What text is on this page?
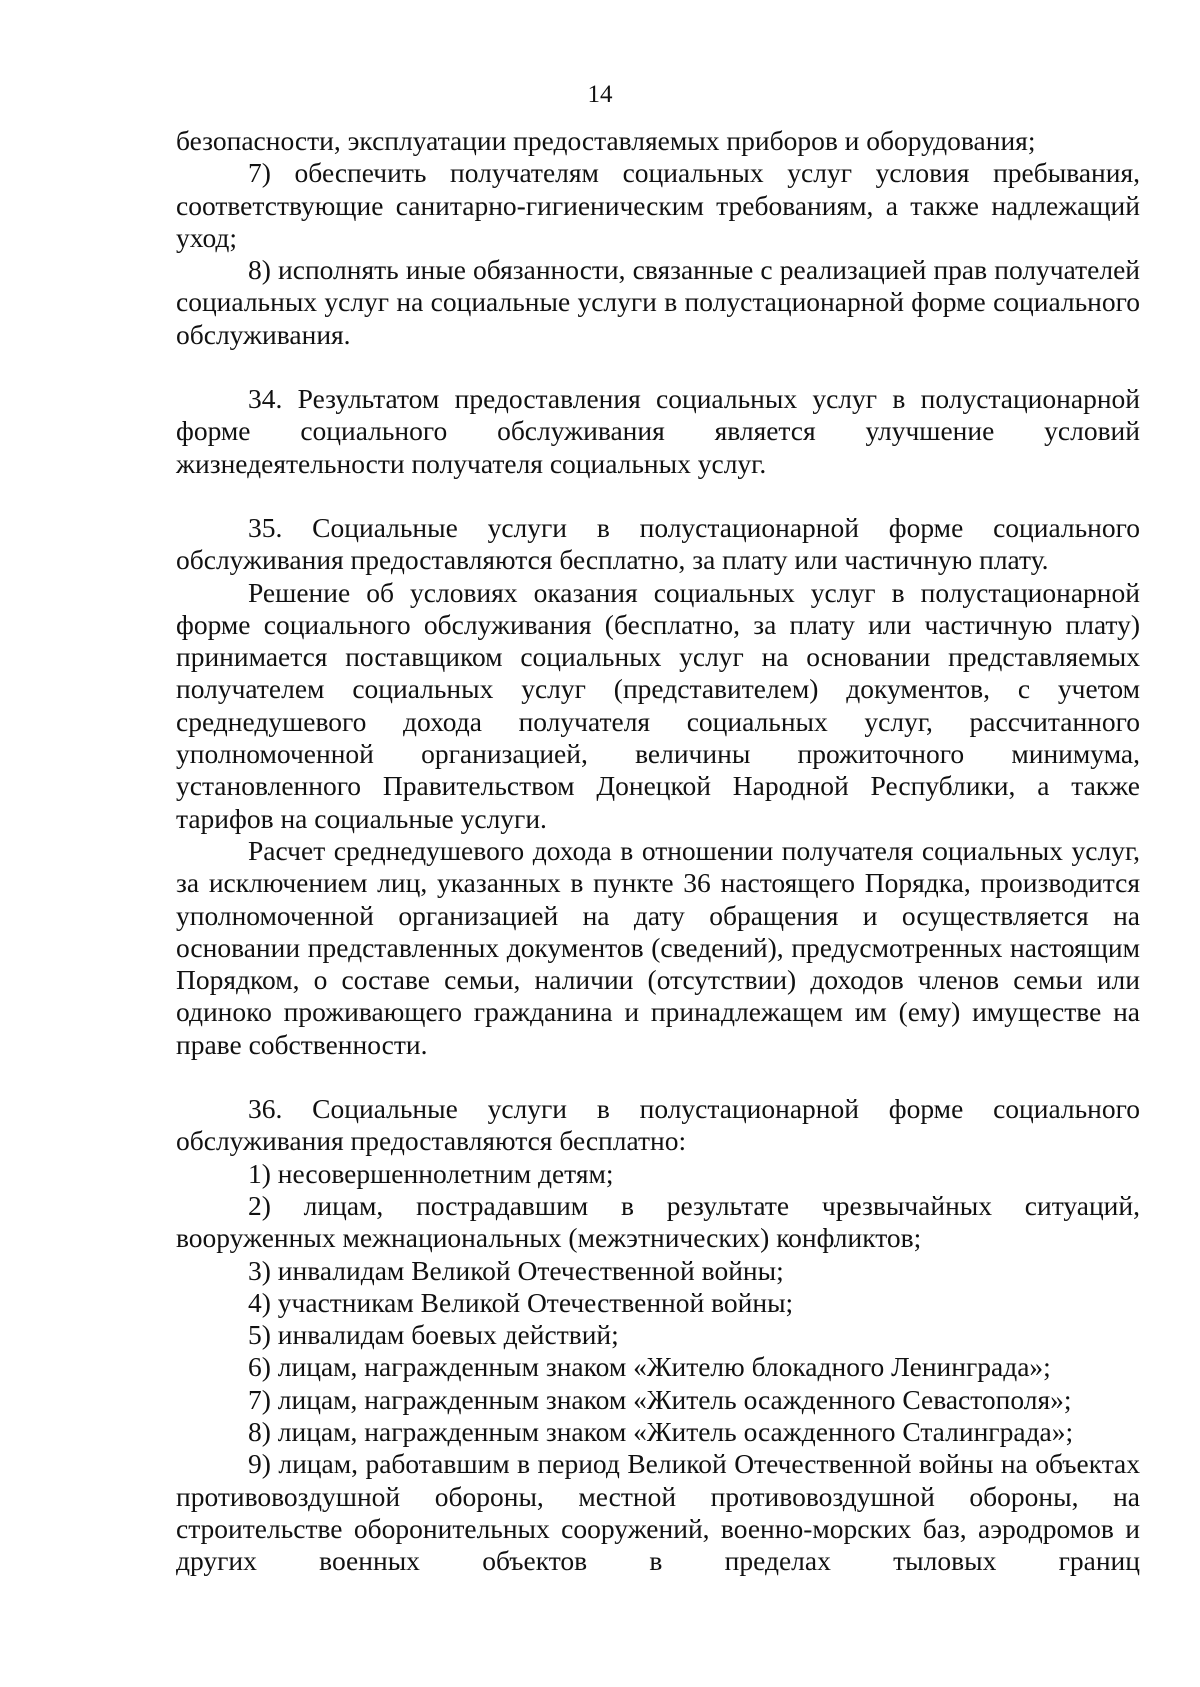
14

безопасности, эксплуатации предоставляемых приборов и оборудования;

7) обеспечить получателям социальных услуг условия пребывания, соответствующие санитарно-гигиеническим требованиям, а также надлежащий уход;

8) исполнять иные обязанности, связанные с реализацией прав получателей социальных услуг на социальные услуги в полустационарной форме социального обслуживания.

34. Результатом предоставления социальных услуг в полустационарной форме социального обслуживания является улучшение условий жизнедеятельности получателя социальных услуг.

35. Социальные услуги в полустационарной форме социального обслуживания предоставляются бесплатно, за плату или частичную плату.

Решение об условиях оказания социальных услуг в полустационарной форме социального обслуживания (бесплатно, за плату или частичную плату) принимается поставщиком социальных услуг на основании представляемых получателем социальных услуг (представителем) документов, с учетом среднедушевого дохода получателя социальных услуг, рассчитанного уполномоченной организацией, величины прожиточного минимума, установленного Правительством Донецкой Народной Республики, а также тарифов на социальные услуги.

Расчет среднедушевого дохода в отношении получателя социальных услуг, за исключением лиц, указанных в пункте 36 настоящего Порядка, производится уполномоченной организацией на дату обращения и осуществляется на основании представленных документов (сведений), предусмотренных настоящим Порядком, о составе семьи, наличии (отсутствии) доходов членов семьи или одиноко проживающего гражданина и принадлежащем им (ему) имуществе на праве собственности.

36. Социальные услуги в полустационарной форме социального обслуживания предоставляются бесплатно:

1) несовершеннолетним детям;

2) лицам, пострадавшим в результате чрезвычайных ситуаций, вооруженных межнациональных (межэтнических) конфликтов;

3) инвалидам Великой Отечественной войны;

4) участникам Великой Отечественной войны;

5) инвалидам боевых действий;

6) лицам, награжденным знаком «Жителю блокадного Ленинграда»;

7) лицам, награжденным знаком «Житель осажденного Севастополя»;

8) лицам, награжденным знаком «Житель осажденного Сталинграда»;

9) лицам, работавшим в период Великой Отечественной войны на объектах противовоздушной обороны, местной противовоздушной обороны, на строительстве оборонительных сооружений, военно-морских баз, аэродромов и других военных объектов в пределах тыловых границ
